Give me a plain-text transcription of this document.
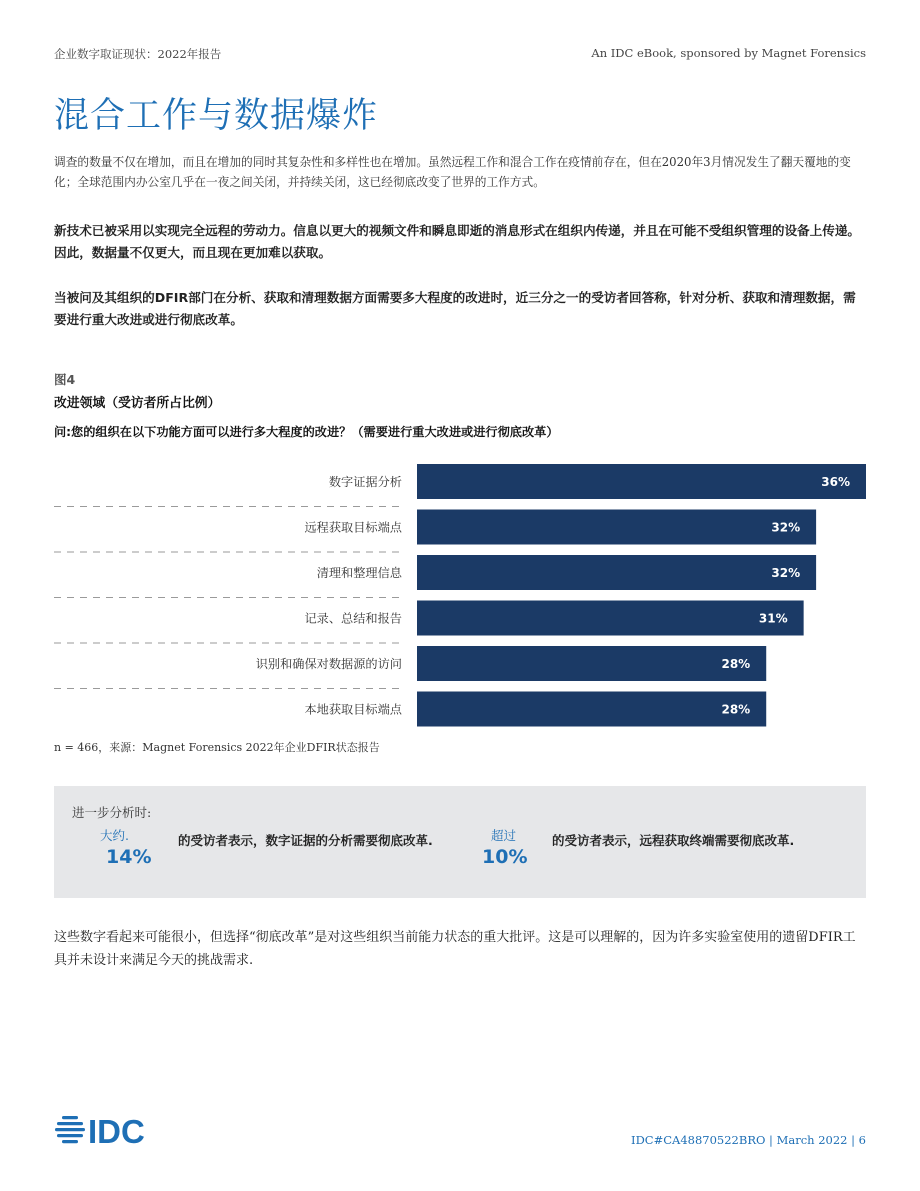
企业数字取证现状：2022年报告	An IDC eBook, sponsored by Magnet Forensics
混合工作与数据爆炸

调查的数量不仅在增加，而且在增加的同时其复杂性和多样性也在增加。虽然远程工作和混合工作在疫情前存在，但在2020年3月情况发生了翻天覆地的变化；全球范围内办公室几乎在一夜之间关闭，并持续关闭，这已经彻底改变了世界的工作方式。

新技术已被采用以实现完全远程的劳动力。信息以更大的视频文件和瞬息即逝的消息形式在组织内传递，并且在可能不受组织管理的设备上传递。因此，数据量不仅更大，而且现在更加难以获取。

当被问及其组织的DFIR部门在分析、获取和清理数据方面需要多大程度的改进时，近三分之一的受访者回答称，针对分析、获取和清理数据，需要进行重大改进或进行彻底改革。

图4
改进领域（受访者所占比例）
问:您的组织在以下功能方面可以进行多大程度的改进？（需要进行重大改进或进行彻底改革）
数字证据分析	36%
远程获取目标端点	32%
清理和整理信息	32%
记录、总结和报告	31%
识别和确保对数据源的访问	28%
本地获取目标端点	28%
n = 466，来源：Magnet Forensics 2022年企业DFIR状态报告
进一步分析时:
大约.
14%
的受访者表示，数字证据的分析需要彻底改革.	超过
10%
的受访者表示，远程获取终端需要彻底改革.

这些数字看起来可能很小，但选择“彻底改革”是对这些组织当前能力状态的重大批评。这是可以理解的，因为许多实验室使用的遗留DFIR工具并未设计来满足今天的挑战需求.

IDC	IDC#CA48870522BRO | March 2022 | 6
